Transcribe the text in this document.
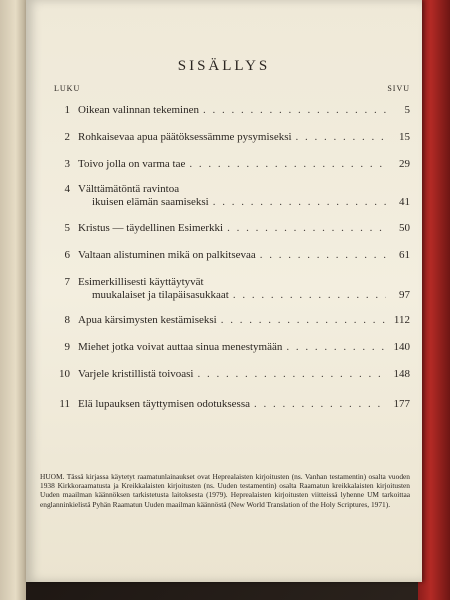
SISÄLLYS
LUKU	SIVU
1 Oikean valinnan tekeminen . . .	5
2 Rohkaisevaa apua päätöksessämme pysymiseksi . . .	15
3 Toivo jolla on varma tae . . .	29
4 Välttämätöntä ravintoa
ikuisen elämän saamiseksi . . .	41
5 Kristus — täydellinen Esimerkki . . .	50
6 Valtaan alistuminen mikä on palkitsevaa . . .	61
7 Esimerkillisesti käyttäytyvät
muukalaiset ja tilapäisasukkaat . . .	97
8 Apua kärsimysten kestämiseksi . . .	112
9 Miehet jotka voivat auttaa sinua menestymään . . .	140
10 Varjele kristillistä toivoasi . . .	148
11 Elä lupauksen täyttymisen odotuksessa . . .	177
HUOM. Tässä kirjassa käytetyt raamatunlainaukset ovat Heprealaisten kirjoitusten (ns. Vanhan testamentin) osalta vuoden 1938 Kirkkoraamatusta ja Kreikkalaisten kirjoitusten (ns. Uuden testamentin) osalta Raamatun kreikkalaisten kirjoitusten Uuden maailman käännöksen tarkistetusta laitoksesta (1979). Heprealaisten kirjoitusten viitteissä lyhenne UM tarkoittaa englanninkielistä Pyhän Raamatun Uuden maailman käännöstä (New World Translation of the Holy Scriptures, 1971).
